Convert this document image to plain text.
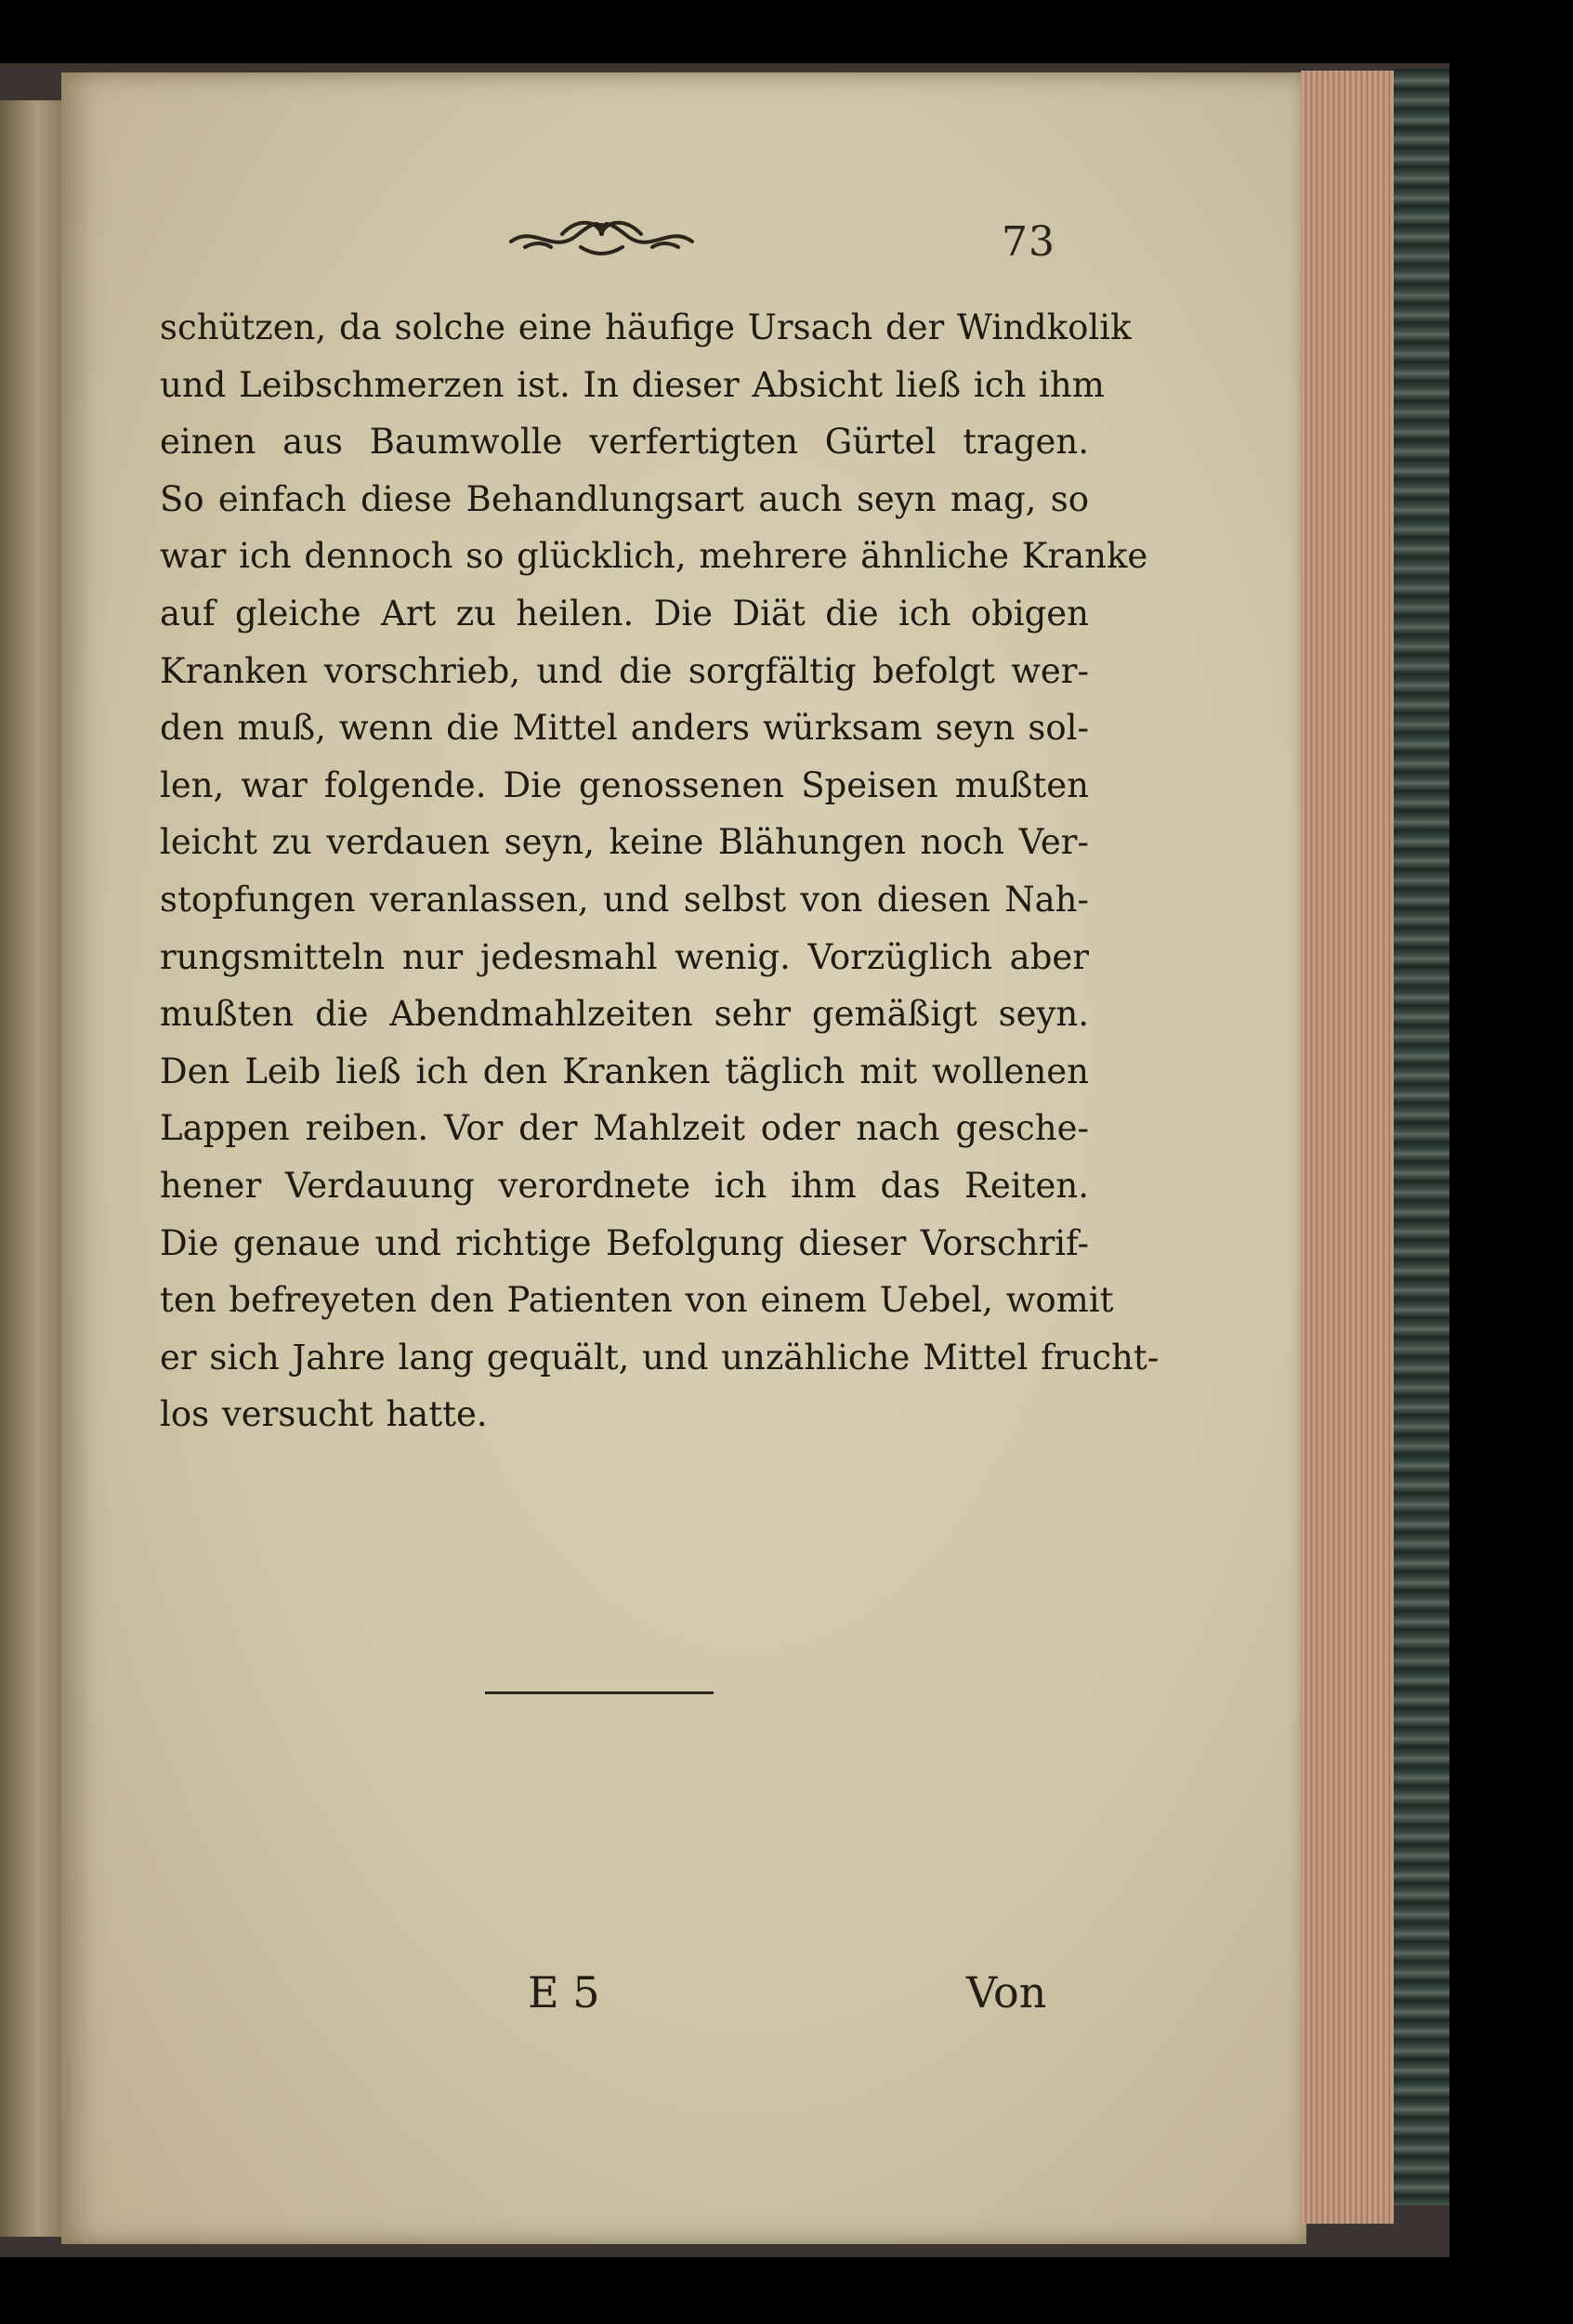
73
schützen, da solche eine häufige Ursach der Windkolik
und Leibschmerzen ist. In dieser Absicht ließ ich ihm
einen aus Baumwolle verfertigten Gürtel tragen.
So einfach diese Behandlungsart auch seyn mag, so
war ich dennoch so glücklich, mehrere ähnliche Kranke
auf gleiche Art zu heilen. Die Diät die ich obigen
Kranken vorschrieb, und die sorgfältig befolgt wer-
den muß, wenn die Mittel anders würksam seyn sol-
len, war folgende. Die genossenen Speisen mußten
leicht zu verdauen seyn, keine Blähungen noch Ver-
stopfungen veranlassen, und selbst von diesen Nah-
rungsmitteln nur jedesmahl wenig. Vorzüglich aber
mußten die Abendmahlzeiten sehr gemäßigt seyn.
Den Leib ließ ich den Kranken täglich mit wollenen
Lappen reiben. Vor der Mahlzeit oder nach gesche-
hener Verdauung verordnete ich ihm das Reiten.
Die genaue und richtige Befolgung dieser Vorschrif-
ten befreyeten den Patienten von einem Uebel, womit
er sich Jahre lang gequält, und unzähliche Mittel frucht-
los versucht hatte.
E 5	Von
